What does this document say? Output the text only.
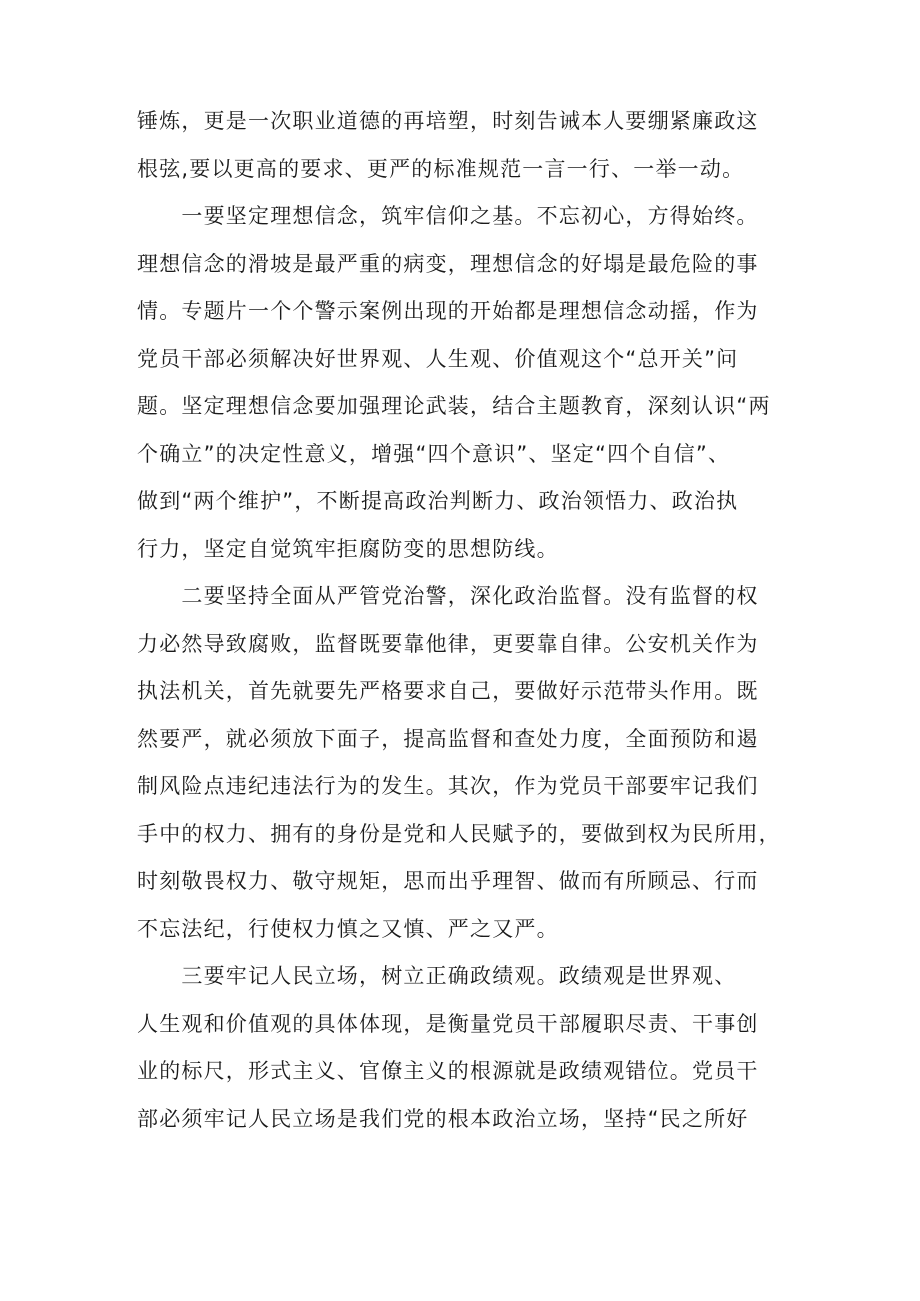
锤炼，更是一次职业道德的再培塑，时刻告诫本人要绷紧廉政这
根弦,要以更高的要求、更严的标准规范一言一行、一举一动。
　　一要坚定理想信念，筑牢信仰之基。不忘初心，方得始终。
理想信念的滑坡是最严重的病变，理想信念的好塌是最危险的事
情。专题片一个个警示案例出现的开始都是理想信念动摇，作为
党员干部必须解决好世界观、人生观、价值观这个“总开关”问
题。坚定理想信念要加强理论武装，结合主题教育，深刻认识“两
个确立”的决定性意义，增强“四个意识”、坚定“四个自信”、
做到“两个维护”，不断提高政治判断力、政治领悟力、政治执
行力，坚定自觉筑牢拒腐防变的思想防线。
　　二要坚持全面从严管党治警，深化政治监督。没有监督的权
力必然导致腐败，监督既要靠他律，更要靠自律。公安机关作为
执法机关，首先就要先严格要求自己，要做好示范带头作用。既
然要严，就必须放下面子，提高监督和查处力度，全面预防和遏
制风险点违纪违法行为的发生。其次，作为党员干部要牢记我们
手中的权力、拥有的身份是党和人民赋予的，要做到权为民所用，
时刻敬畏权力、敬守规矩，思而出乎理智、做而有所顾忌、行而
不忘法纪，行使权力慎之又慎、严之又严。
　　三要牢记人民立场，树立正确政绩观。政绩观是世界观、
人生观和价值观的具体体现，是衡量党员干部履职尽责、干事创
业的标尺，形式主义、官僚主义的根源就是政绩观错位。党员干
部必须牢记人民立场是我们党的根本政治立场，坚持“民之所好
